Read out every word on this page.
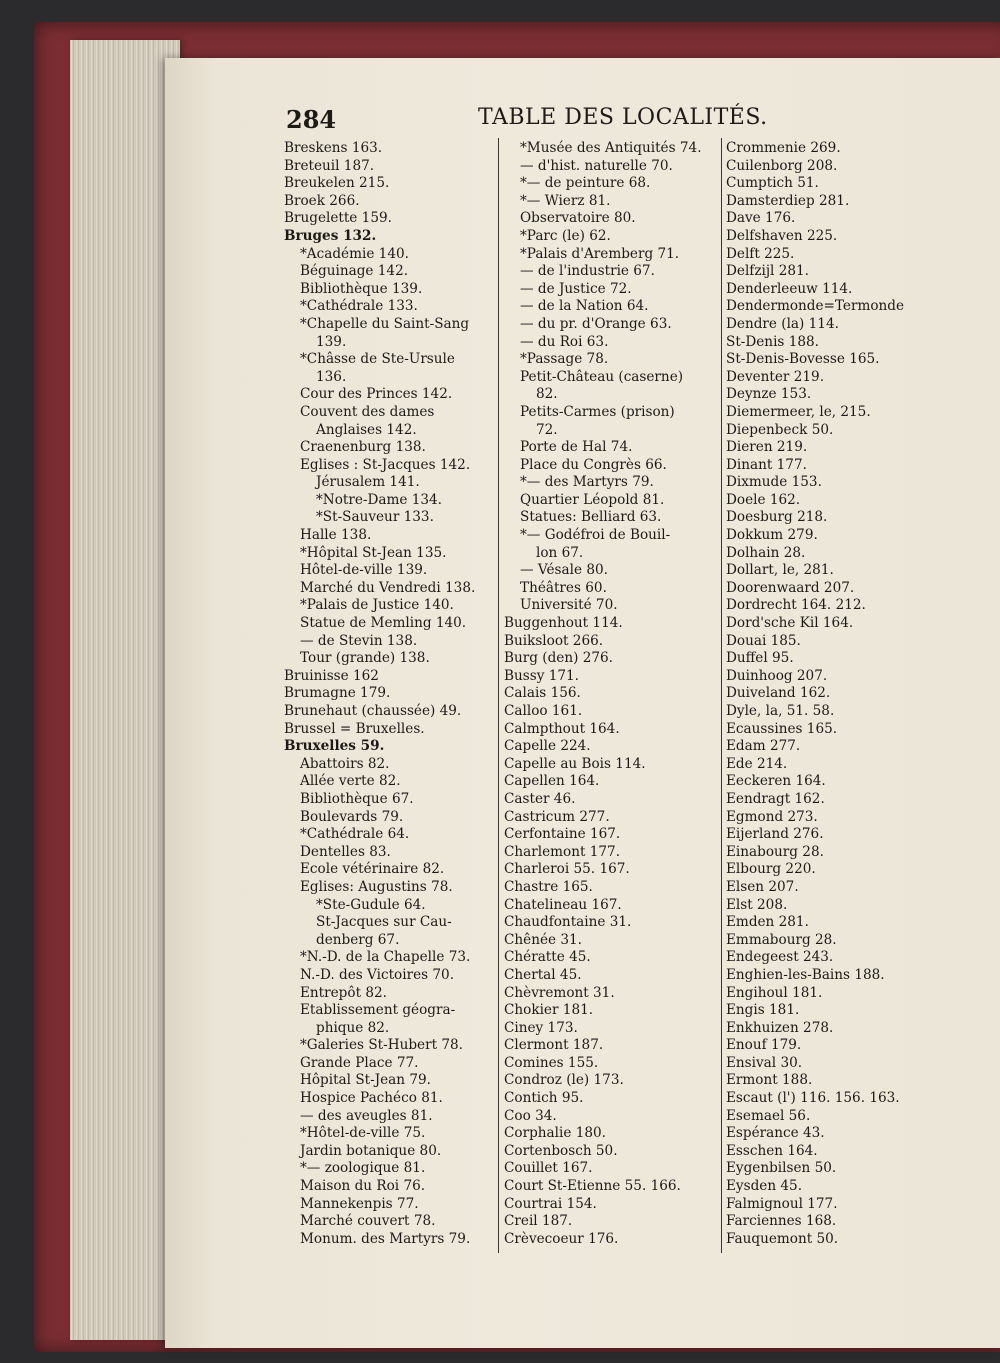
284	TABLE DES LOCALITÉS.
Breskens 163.
Breteuil 187.
Breukelen 215.
Broek 266.
Brugelette 159.
Bruges 132.
*Académie 140.
Béguinage 142.
Bibliothèque 139.
*Cathédrale 133.
*Chapelle du Saint-Sang
139.
*Châsse de Ste-Ursule
136.
Cour des Princes 142.
Couvent des dames
Anglaises 142.
Craenenburg 138.
Eglises : St-Jacques 142.
Jérusalem 141.
*Notre-Dame 134.
*St-Sauveur 133.
Halle 138.
*Hôpital St-Jean 135.
Hôtel-de-ville 139.
Marché du Vendredi 138.
*Palais de Justice 140.
Statue de Memling 140.
— de Stevin 138.
Tour (grande) 138.
Bruinisse 162
Brumagne 179.
Brunehaut (chaussée) 49.
Brussel = Bruxelles.
Bruxelles 59.
Abattoirs 82.
Allée verte 82.
Bibliothèque 67.
Boulevards 79.
*Cathédrale 64.
Dentelles 83.
Ecole vétérinaire 82.
Eglises: Augustins 78.
*Ste-Gudule 64.
St-Jacques sur Cau-
denberg 67.
*N.-D. de la Chapelle 73.
N.-D. des Victoires 70.
Entrepôt 82.
Etablissement géogra-
phique 82.
*Galeries St-Hubert 78.
Grande Place 77.
Hôpital St-Jean 79.
Hospice Pachéco 81.
— des aveugles 81.
*Hôtel-de-ville 75.
Jardin botanique 80.
*— zoologique 81.
Maison du Roi 76.
Mannekenpis 77.
Marché couvert 78.
Monum. des Martyrs 79.
*Musée des Antiquités 74.
— d'hist. naturelle 70.
*— de peinture 68.
*— Wierz 81.
Observatoire 80.
*Parc (le) 62.
*Palais d'Aremberg 71.
— de l'industrie 67.
— de Justice 72.
— de la Nation 64.
— du pr. d'Orange 63.
— du Roi 63.
*Passage 78.
Petit-Château (caserne)
82.
Petits-Carmes (prison)
72.
Porte de Hal 74.
Place du Congrès 66.
*— des Martyrs 79.
Quartier Léopold 81.
Statues: Belliard 63.
*— Godéfroi de Bouil-
lon 67.
— Vésale 80.
Théâtres 60.
Université 70.
Buggenhout 114.
Buiksloot 266.
Burg (den) 276.
Bussy 171.
Calais 156.
Calloo 161.
Calmpthout 164.
Capelle 224.
Capelle au Bois 114.
Capellen 164.
Caster 46.
Castricum 277.
Cerfontaine 167.
Charlemont 177.
Charleroi 55. 167.
Chastre 165.
Chatelineau 167.
Chaudfontaine 31.
Chênée 31.
Chératte 45.
Chertal 45.
Chèvremont 31.
Chokier 181.
Ciney 173.
Clermont 187.
Comines 155.
Condroz (le) 173.
Contich 95.
Coo 34.
Corphalie 180.
Cortenbosch 50.
Couillet 167.
Court St-Etienne 55. 166.
Courtrai 154.
Creil 187.
Crèvecoeur 176.
Crommenie 269.
Cuilenborg 208.
Cumptich 51.
Damsterdiep 281.
Dave 176.
Delfshaven 225.
Delft 225.
Delfzijl 281.
Denderleeuw 114.
Dendermonde=Termonde
Dendre (la) 114.
St-Denis 188.
St-Denis-Bovesse 165.
Deventer 219.
Deynze 153.
Diemermeer, le, 215.
Diepenbeck 50.
Dieren 219.
Dinant 177.
Dixmude 153.
Doele 162.
Doesburg 218.
Dokkum 279.
Dolhain 28.
Dollart, le, 281.
Doorenwaard 207.
Dordrecht 164. 212.
Dord'sche Kil 164.
Douai 185.
Duffel 95.
Duinhoog 207.
Duiveland 162.
Dyle, la, 51. 58.
Ecaussines 165.
Edam 277.
Ede 214.
Eeckeren 164.
Eendragt 162.
Egmond 273.
Eijerland 276.
Einabourg 28.
Elbourg 220.
Elsen 207.
Elst 208.
Emden 281.
Emmabourg 28.
Endegeest 243.
Enghien-les-Bains 188.
Engihoul 181.
Engis 181.
Enkhuizen 278.
Enouf 179.
Ensival 30.
Ermont 188.
Escaut (l') 116. 156. 163.
Esemael 56.
Espérance 43.
Esschen 164.
Eygenbilsen 50.
Eysden 45.
Falmignoul 177.
Farciennes 168.
Fauquemont 50.
